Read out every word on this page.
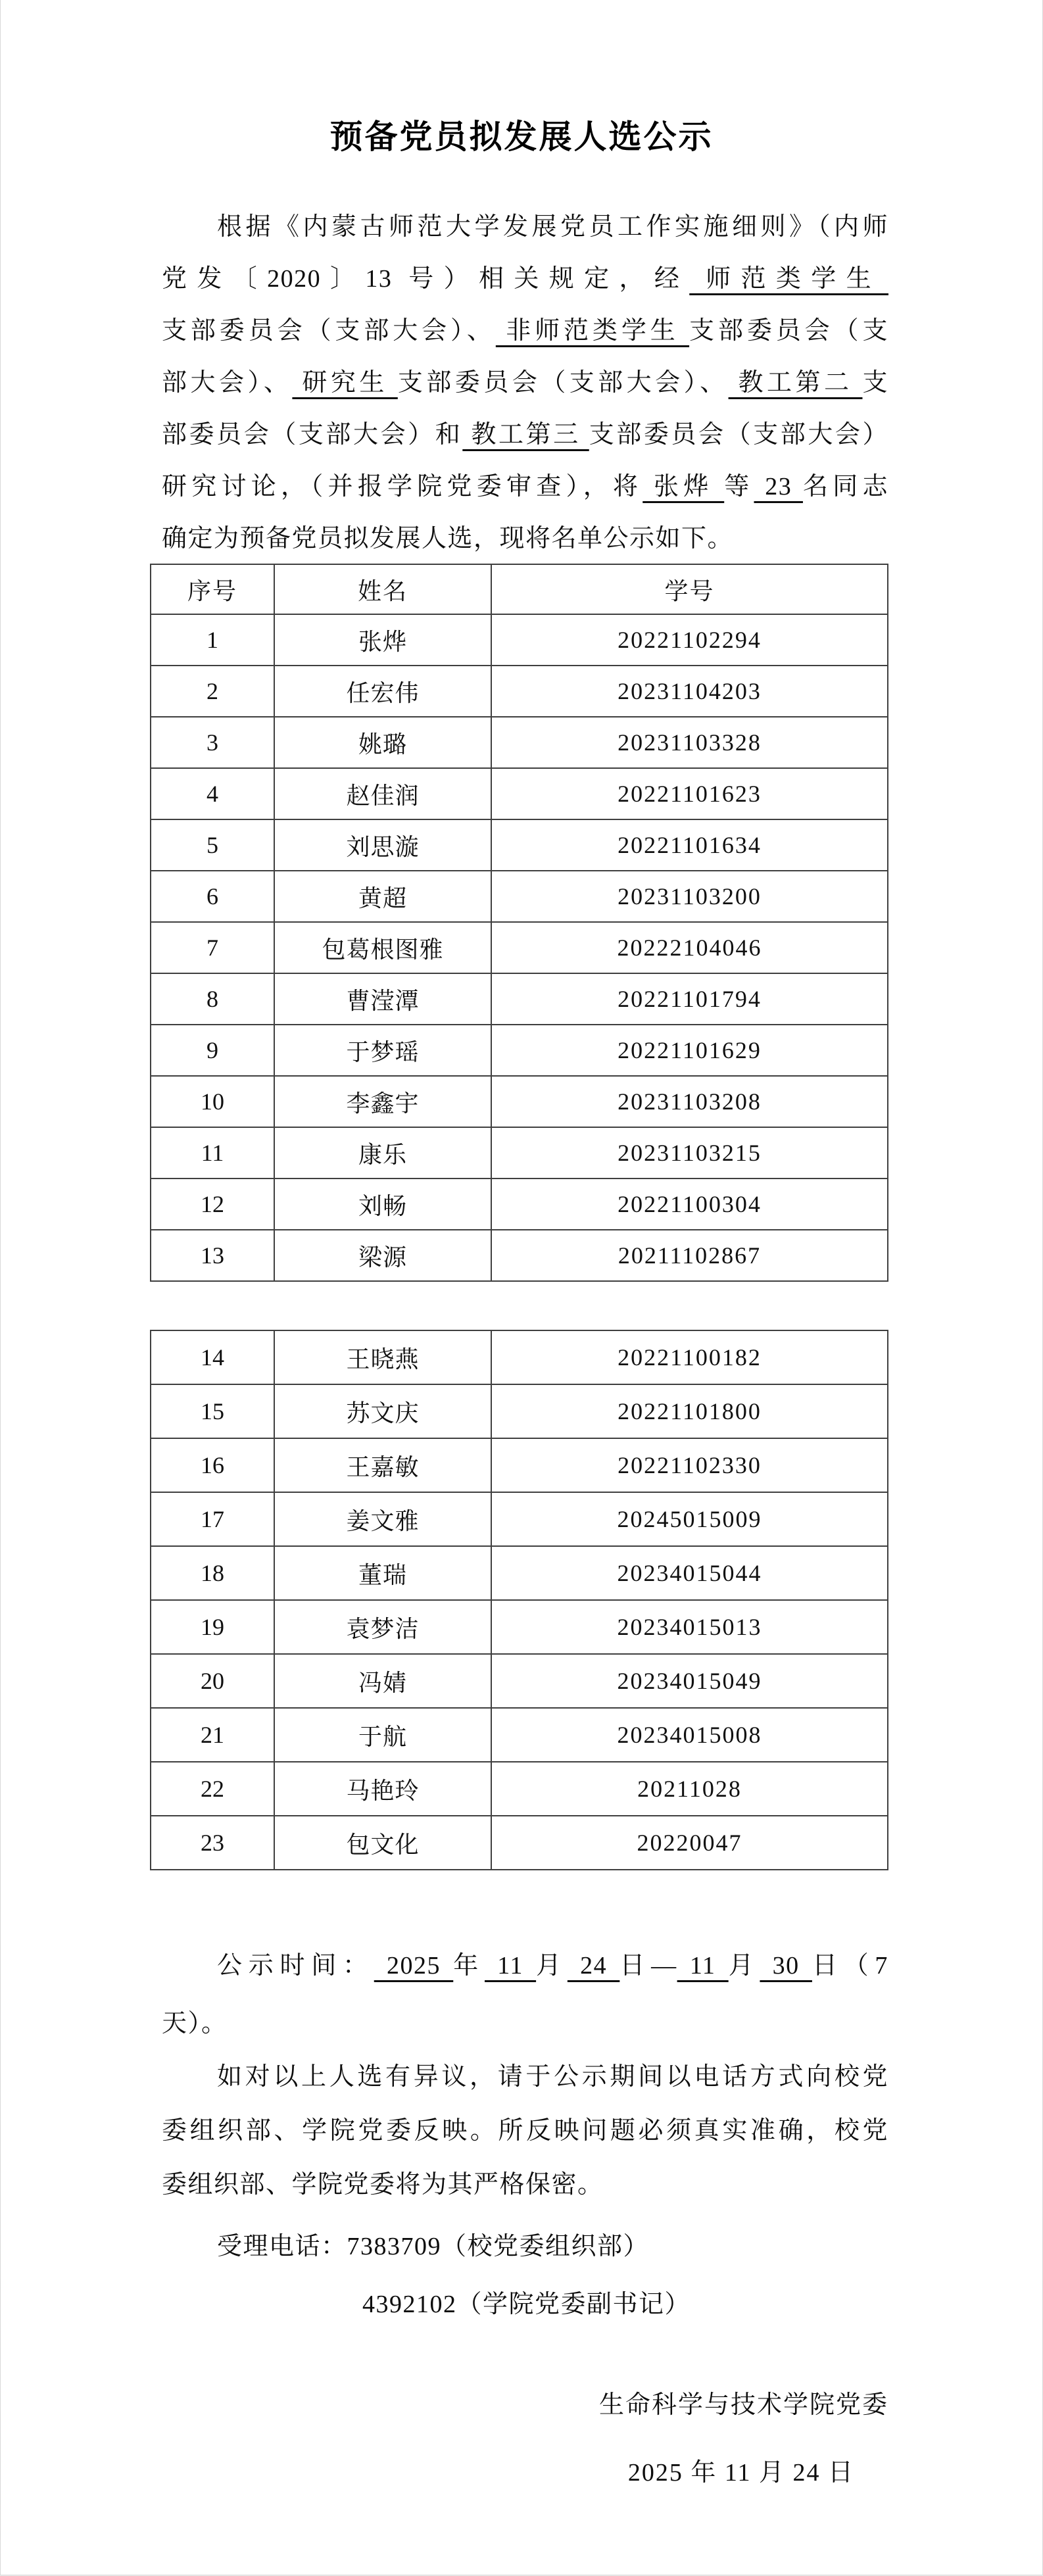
预备党员拟发展人选公示
根据《内蒙古师范大学发展党员工作实施细则》（内师
党发〔2020〕13 号）相关规定，经 师范类学生
支部委员会（支部大会）、 非师范类学生 支部委员会（支
部大会）、 研究生 支部委员会（支部大会）、 教工第二 支
部委员会（支部大会）和 教工第三 支部委员会（支部大会）
研究讨论，（并报学院党委审查），将 张烨 等 23 名同志
确定为预备党员拟发展人选，现将名单公示如下。
序号	姓名	学号
1	张烨	20221102294
2	任宏伟	20231104203
3	姚璐	20231103328
4	赵佳润	20221101623
5	刘思漩	20221101634
6	黄超	20231103200
7	包葛根图雅	20222104046
8	曹滢潭	20221101794
9	于梦瑶	20221101629
10	李鑫宇	20231103208
11	康乐	20231103215
12	刘畅	20221100304
13	梁源	20211102867
14	王晓燕	20221100182
15	苏文庆	20221101800
16	王嘉敏	20221102330
17	姜文雅	20245015009
18	董瑞	20234015044
19	袁梦洁	20234015013
20	冯婧	20234015049
21	于航	20234015008
22	马艳玲	20211028
23	包文化	20220047
公示时间： 2025 年 11 月 24 日— 11 月 30 日（7
天）。
如对以上人选有异议，请于公示期间以电话方式向校党
委组织部、学院党委反映。所反映问题必须真实准确，校党
委组织部、学院党委将为其严格保密。
受理电话：7383709（校党委组织部）
4392102（学院党委副书记）
生命科学与技术学院党委
2025 年 11 月 24 日
